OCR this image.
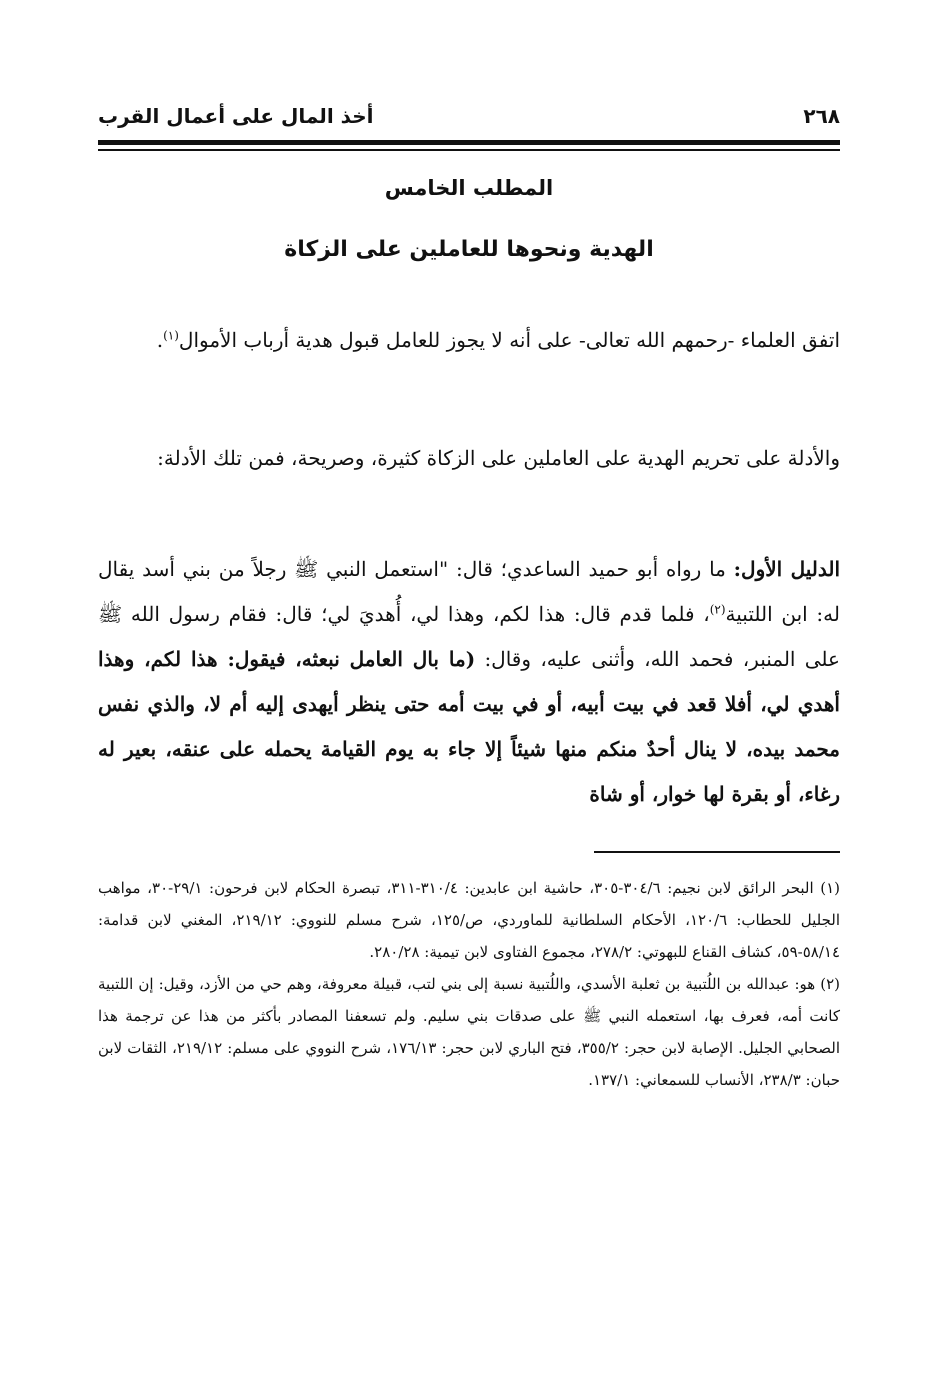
٢٦٨
أخذ المال على أعمال القرب
المطلب الخامس
الهدية ونحوها للعاملين على الزكاة
اتفق العلماء -رحمهم الله تعالى- على أنه لا يجوز للعامل قبول هدية أرباب الأموال$^{(١)}$.
والأدلة على تحريم الهدية على العاملين على الزكاة كثيرة، وصريحة، فمن تلك الأدلة:
الدليل الأول: ما رواه أبو حميد الساعدي؛ قال: "استعمل النبي ﷺ رجلاً من بني أسد يقال له: ابن اللتبية$^{(٢)}$، فلما قدم قال: هذا لكم، وهذا لي، أُهديَ لي؛ قال: فقام رسول الله ﷺ على المنبر، فحمد الله، وأثنى عليه، وقال: (ما بال العامل نبعثه، فيقول: هذا لكم، وهذا أهدي لي، أفلا قعد في بيت أبيه، أو في بيت أمه حتى ينظر أيهدى إليه أم لا، والذي نفس محمد بيده، لا ينال أحدٌ منكم منها شيئاً إلا جاء به يوم القيامة يحمله على عنقه، بعير له رغاء، أو بقرة لها خوار، أو شاة

(١) البحر الرائق لابن نجيم: ٣٠٤/٦-٣٠٥، حاشية ابن عابدين: ٣١٠/٤-٣١١، تبصرة الحكام لابن فرحون: ٢٩/١-٣٠، مواهب الجليل للحطاب: ١٢٠/٦، الأحكام السلطانية للماوردي، ص/١٢٥، شرح مسلم للنووي: ٢١٩/١٢، المغني لابن قدامة: ٥٨/١٤-٥٩، كشاف القناع للبهوتي: ٢٧٨/٢، مجموع الفتاوى لابن تيمية: ٢٨٠/٢٨.

(٢) هو: عبدالله بن اللُتبية بن ثعلبة الأسدي، واللُتبية نسبة إلى بني لتب، قبيلة معروفة، وهم حي من الأزد، وقيل: إن اللتبية كانت أمه، فعرف بها، استعمله النبي ﷺ على صدقات بني سليم. ولم تسعفنا المصادر بأكثر من هذا عن ترجمة هذا الصحابي الجليل. الإصابة لابن حجر: ٣٥٥/٢، فتح الباري لابن حجر: ١٧٦/١٣، شرح النووي على مسلم: ٢١٩/١٢، الثقات لابن حبان: ٢٣٨/٣، الأنساب للسمعاني: ١٣٧/١.
